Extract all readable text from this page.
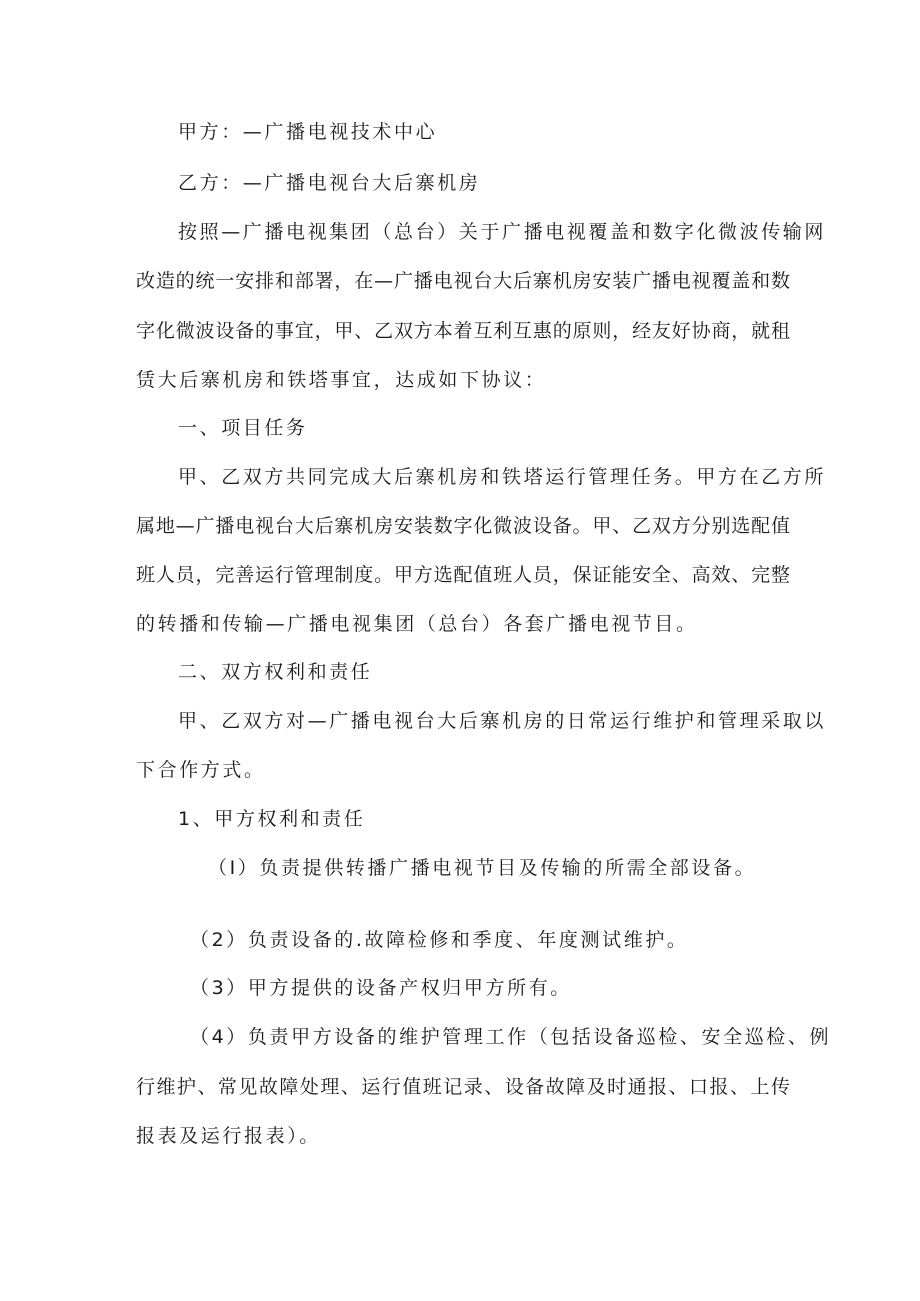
甲方：—广播电视技术中心

乙方：—广播电视台大后寨机房

按照—广播电视集团（总台）关于广播电视覆盖和数字化微波传输网

改造的统一安排和部署，在—广播电视台大后寨机房安装广播电视覆盖和数

字化微波设备的事宜，甲、乙双方本着互利互惠的原则，经友好协商，就租

赁大后寨机房和铁塔事宜，达成如下协议：

一、项目任务

甲、乙双方共同完成大后寨机房和铁塔运行管理任务。甲方在乙方所

属地—广播电视台大后寨机房安装数字化微波设备。甲、乙双方分别选配值

班人员，完善运行管理制度。甲方选配值班人员，保证能安全、高效、完整

的转播和传输—广播电视集团（总台）各套广播电视节目。

二、双方权利和责任

甲、乙双方对—广播电视台大后寨机房的日常运行维护和管理采取以

下合作方式。

1、甲方权利和责任

（I）负责提供转播广播电视节目及传输的所需全部设备。

（2）负责设备的.故障检修和季度、年度测试维护。

（3）甲方提供的设备产权归甲方所有。

（4）负责甲方设备的维护管理工作（包括设备巡检、安全巡检、例

行维护、常见故障处理、运行值班记录、设备故障及时通报、口报、上传

报表及运行报表）。
